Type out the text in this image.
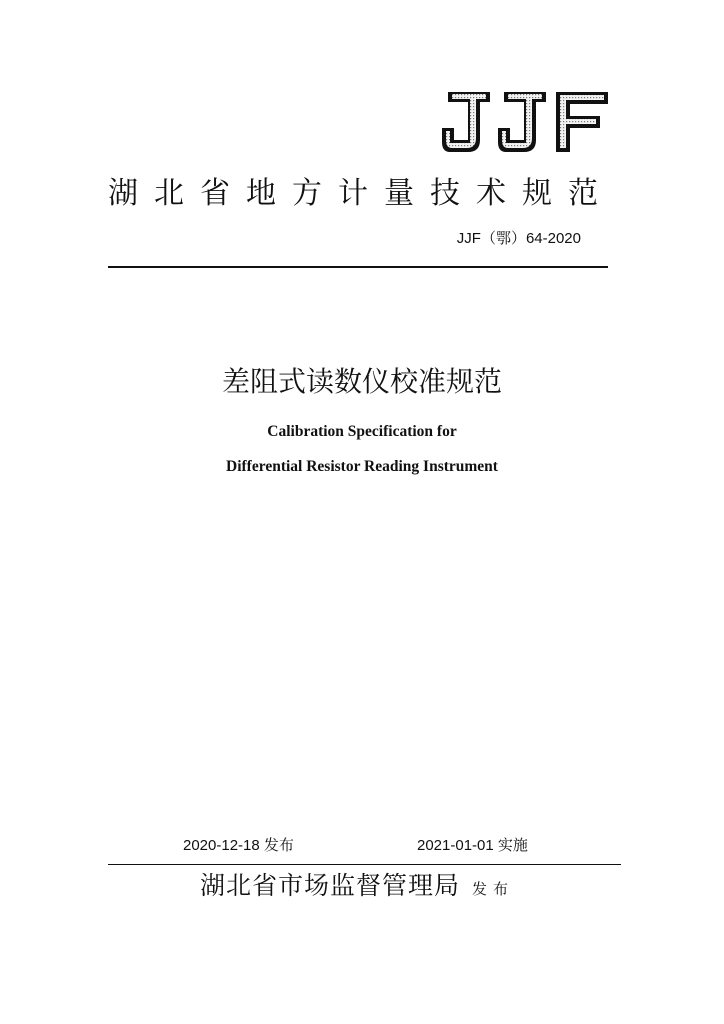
湖北省地方计量技术规范
JJF（鄂）64-2020
差阻式读数仪校准规范
Calibration Specification for
Differential Resistor Reading Instrument
2020-12-18 发布	2021-01-01 实施
湖北省市场监督管理局 发布
